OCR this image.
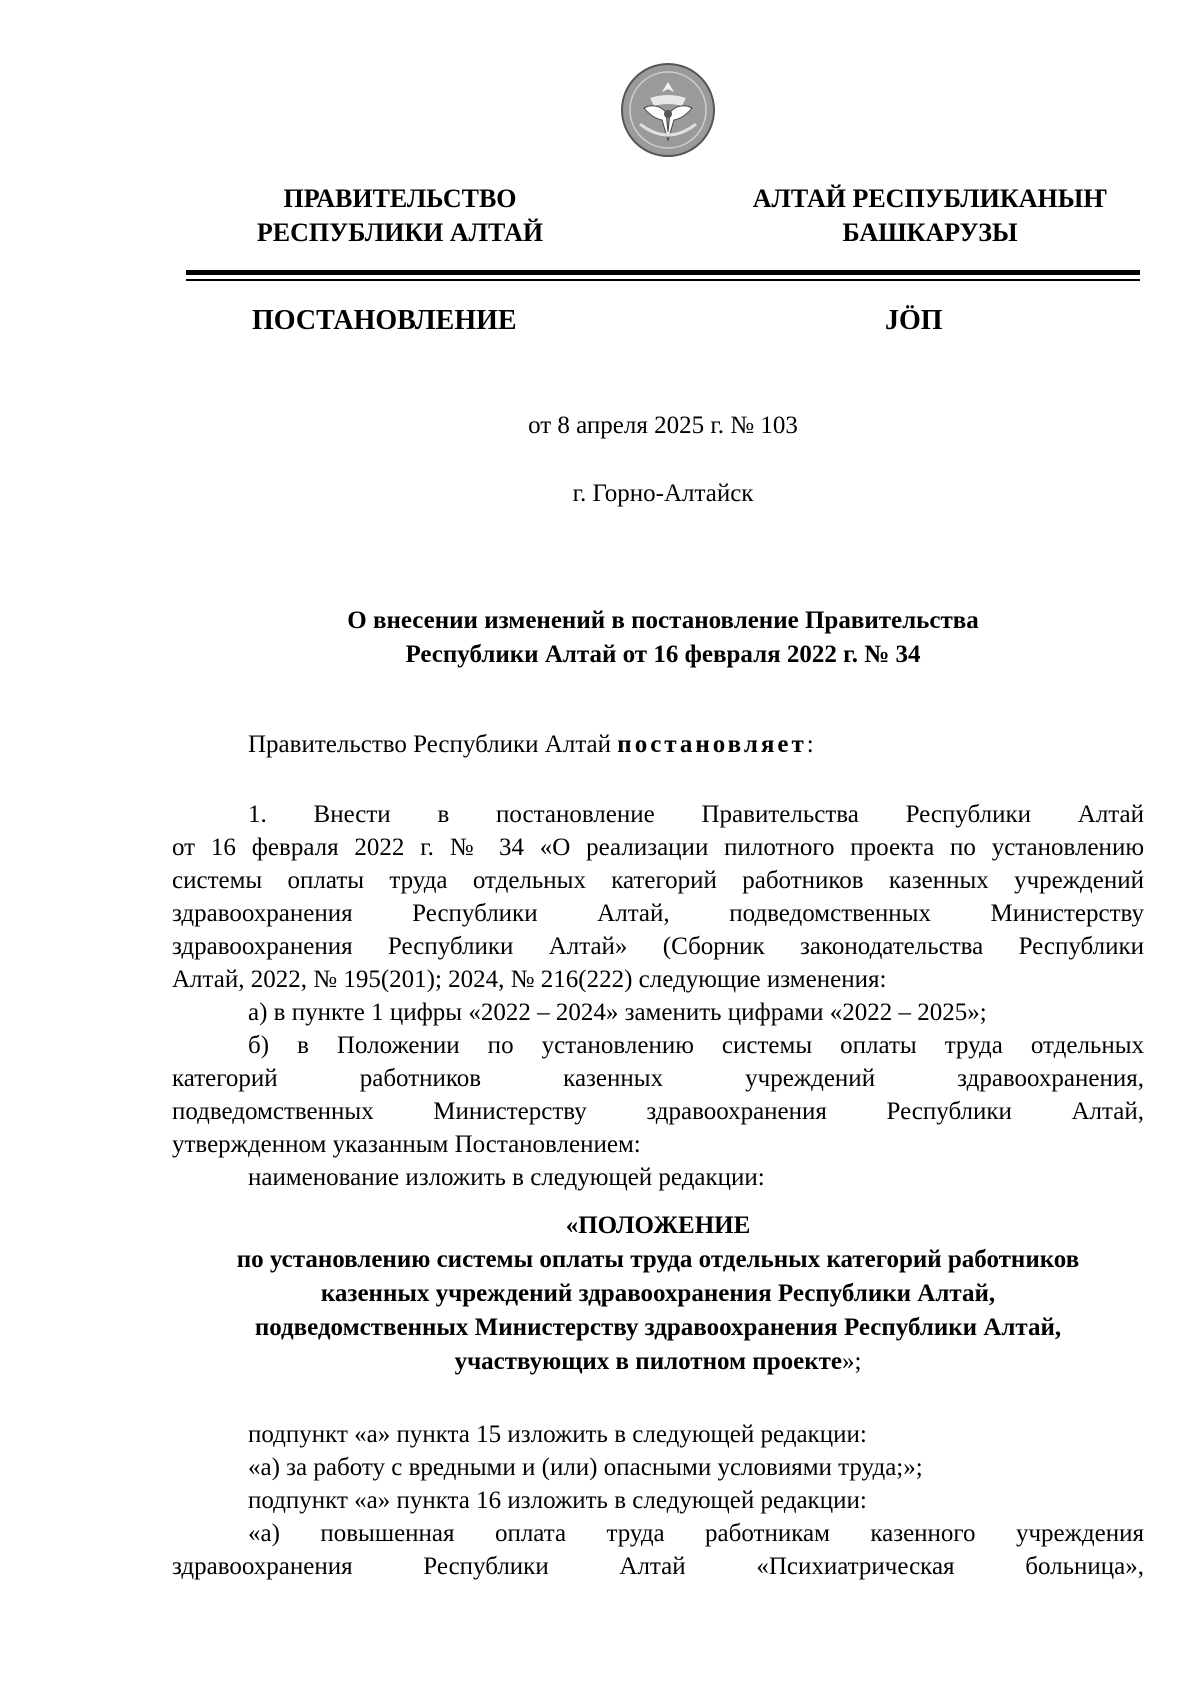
ПРАВИТЕЛЬСТВО
РЕСПУБЛИКИ АЛТАЙ
АЛТАЙ РЕСПУБЛИКАНЫҤ
БАШКАРУЗЫ
ПОСТАНОВЛЕНИЕ	JÖП
от 8 апреля 2025 г. № 103
г. Горно-Алтайск
О внесении изменений в постановление Правительства
Республики Алтай от 16 февраля 2022 г. № 34
Правительство Республики Алтай постановляет:
1. Внести в постановление Правительства Республики Алтай
от 16 февраля 2022 г. № 34 «О реализации пилотного проекта по установлению
системы оплаты труда отдельных категорий работников казенных учреждений
здравоохранения Республики Алтай, подведомственных Министерству
здравоохранения Республики Алтай» (Сборник законодательства Республики
Алтай, 2022, № 195(201); 2024, № 216(222) следующие изменения:
а) в пункте 1 цифры «2022 – 2024» заменить цифрами «2022 – 2025»;
б) в Положении по установлению системы оплаты труда отдельных
категорий работников казенных учреждений здравоохранения,
подведомственных Министерству здравоохранения Республики Алтай,
утвержденном указанным Постановлением:
наименование изложить в следующей редакции:
«ПОЛОЖЕНИЕ
по установлению системы оплаты труда отдельных категорий работников
казенных учреждений здравоохранения Республики Алтай,
подведомственных Министерству здравоохранения Республики Алтай,
участвующих в пилотном проекте»;
подпункт «а» пункта 15 изложить в следующей редакции:
«а) за работу с вредными и (или) опасными условиями труда;»;
подпункт «а» пункта 16 изложить в следующей редакции:
«а) повышенная оплата труда работникам казенного учреждения
здравоохранения Республики Алтай «Психиатрическая больница»,
